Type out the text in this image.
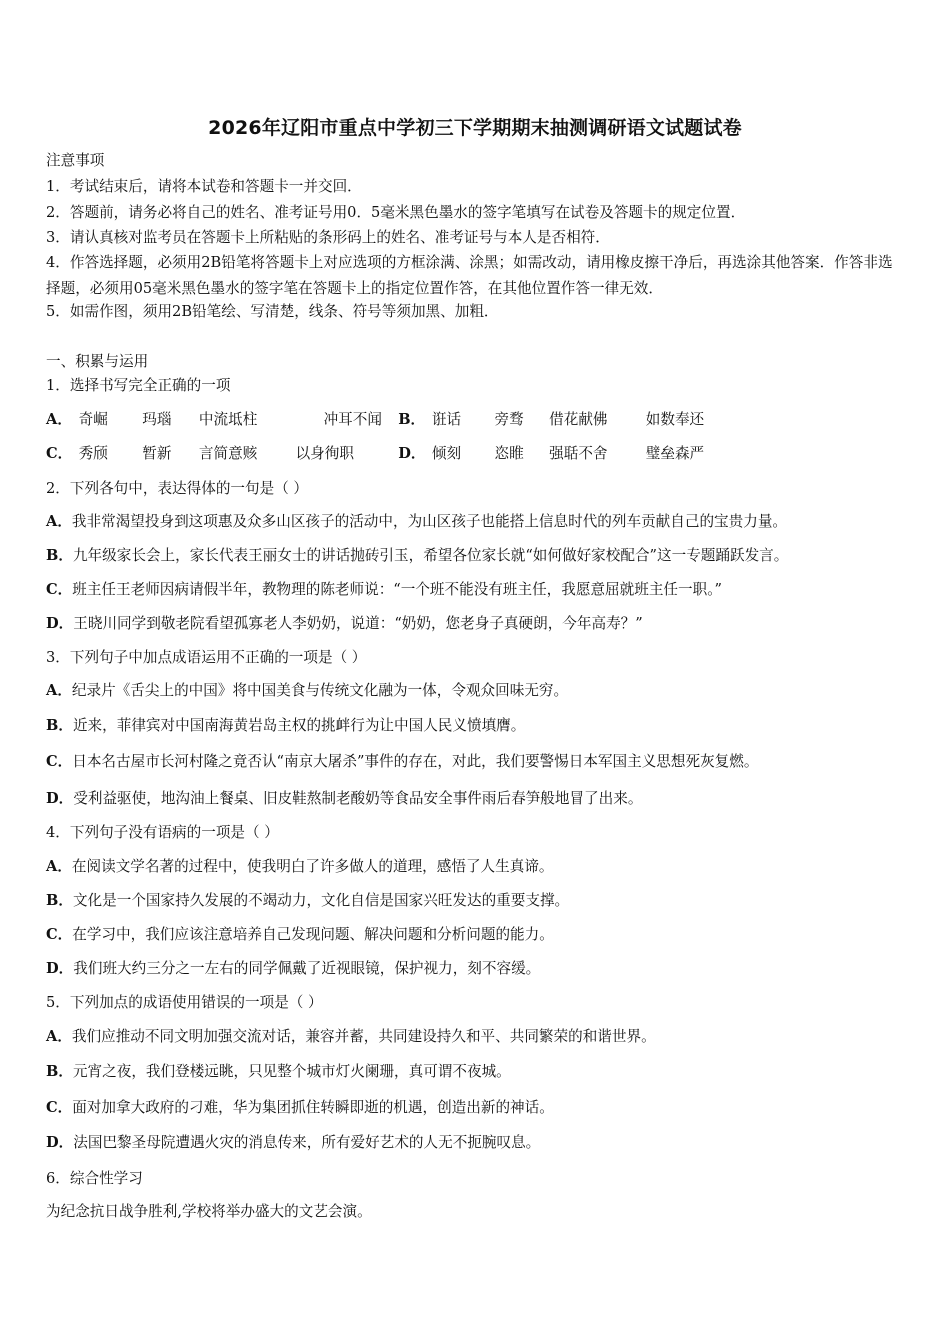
2026年辽阳市重点中学初三下学期期末抽测调研语文试题试卷
注意事项
1．考试结束后，请将本试卷和答题卡一并交回．
2．答题前，请务必将自己的姓名、准考证号用0．5毫米黑色墨水的签字笔填写在试卷及答题卡的规定位置．
3．请认真核对监考员在答题卡上所粘贴的条形码上的姓名、准考证号与本人是否相符．
4．作答选择题，必须用2B铅笔将答题卡上对应选项的方框涂满、涂黑；如需改动，请用橡皮擦干净后，再选涂其他答案．作答非选择题，必须用05毫米黑色墨水的签字笔在答题卡上的指定位置作答，在其他位置作答一律无效．
5．如需作图，须用2B铅笔绘、写清楚，线条、符号等须加黑、加粗．
一、积累与运用
1．选择书写完全正确的一项
A． 奇崛 玛瑙 中流坻柱	冲耳不闻 B． 诳话 旁骛 借花献佛	如数奉还
C． 秀颀 暂新 言简意赅	以身徇职	D． 倾刻 恣睢 强聒不舍	璧垒森严
2．下列各句中，表达得体的一句是（ ）
A．我非常渴望投身到这项惠及众多山区孩子的活动中，为山区孩子也能搭上信息时代的列车贡献自己的宝贵力量。
B．九年级家长会上，家长代表王丽女士的讲话抛砖引玉，希望各位家长就“如何做好家校配合”这一专题踊跃发言。
C．班主任王老师因病请假半年，教物理的陈老师说：“一个班不能没有班主任，我愿意屈就班主任一职。”
D．王晓川同学到敬老院看望孤寡老人李奶奶，说道：“奶奶，您老身子真硬朗，今年高寿？”
3．下列句子中加点成语运用不正确的一项是（ ）
A．纪录片《舌尖上的中国》将中国美食与传统文化融为一体，令观众回味无穷。
B．近来，菲律宾对中国南海黄岩岛主权的挑衅行为让中国人民义愤填膺。
C．日本名古屋市长河村隆之竟否认“南京大屠杀”事件的存在，对此，我们要警惕日本军国主义思想死灰复燃。
D．受利益驱使，地沟油上餐桌、旧皮鞋熬制老酸奶等食品安全事件雨后春笋般地冒了出来。
4．下列句子没有语病的一项是（ ）
A．在阅读文学名著的过程中，使我明白了许多做人的道理，感悟了人生真谛。
B．文化是一个国家持久发展的不竭动力，文化自信是国家兴旺发达的重要支撑。
C．在学习中，我们应该注意培养自己发现问题、解决问题和分析问题的能力。
D．我们班大约三分之一左右的同学佩戴了近视眼镜，保护视力，刻不容缓。
5．下列加点的成语使用错误的一项是（ ）
A．我们应推动不同文明加强交流对话，兼容并蓄，共同建设持久和平、共同繁荣的和谐世界。
B．元宵之夜，我们登楼远眺，只见整个城市灯火阑珊，真可谓不夜城。
C．面对加拿大政府的刁难，华为集团抓住转瞬即逝的机遇，创造出新的神话。
D．法国巴黎圣母院遭遇火灾的消息传来，所有爱好艺术的人无不扼腕叹息。
6．综合性学习
为纪念抗日战争胜利,学校将举办盛大的文艺会演。
